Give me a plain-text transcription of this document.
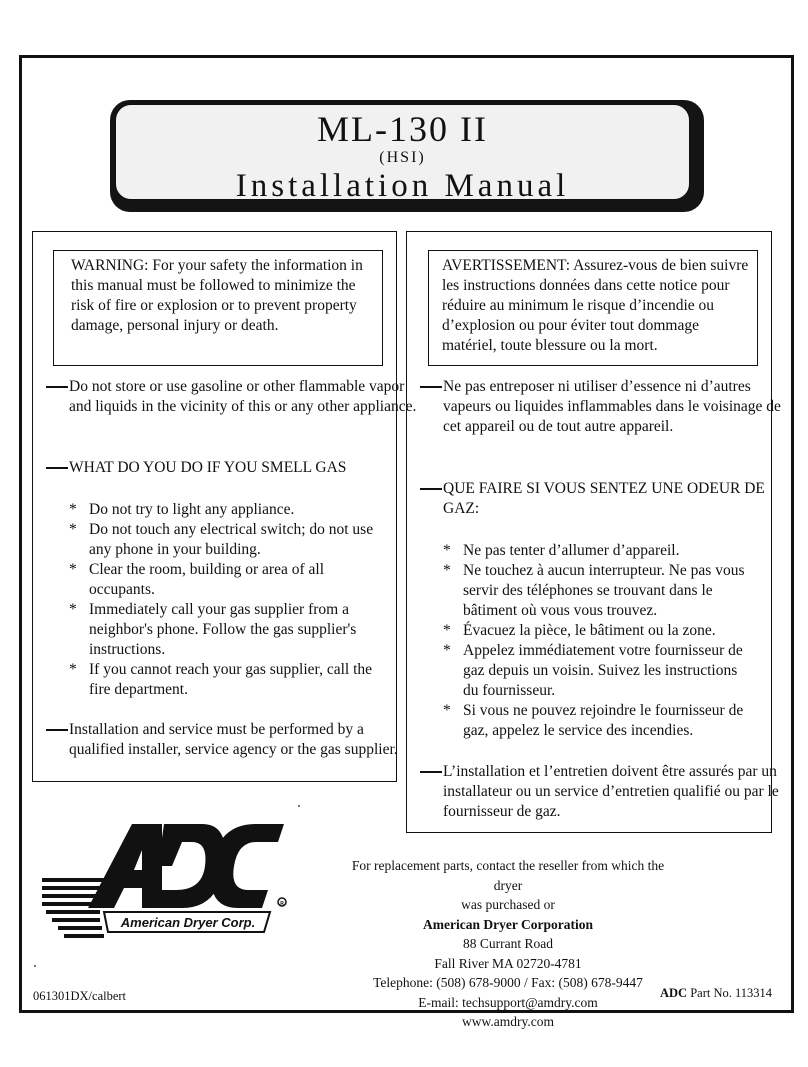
ML-130 II
(HSI)
Installation Manual
WARNING: For your safety the information in this manual must be followed to minimize the risk of fire or explosion or to prevent property damage, personal injury or death.
Do not store or use gasoline or other flammable vapor and liquids in the vicinity of this or any other appliance.
WHAT DO YOU DO IF YOU SMELL GAS
* Do not try to light any appliance.
* Do not touch any electrical switch; do not use any phone in your building.
* Clear the room, building or area of all occupants.
* Immediately call your gas supplier from a neighbor's phone. Follow the gas supplier's instructions.
* If you cannot reach your gas supplier, call the fire department.
Installation and service must be performed by a qualified installer, service agency or the gas supplier.
AVERTISSEMENT: Assurez-vous de bien suivre les instructions données dans cette notice pour réduire au minimum le risque d’incendie ou d’explosion ou pour éviter tout dommage matériel, toute blessure ou la mort.
Ne pas entreposer ni utiliser d’essence ni d’autres vapeurs ou liquides inflammables dans le voisinage de cet appareil ou de tout autre appareil.
QUE FAIRE SI VOUS SENTEZ UNE ODEUR DE GAZ:
* Ne pas tenter d’allumer d’appareil.
* Ne touchez à aucun interrupteur. Ne pas vous servir des téléphones se trouvant dans le bâtiment où vous vous trouvez.
* Évacuez la pièce, le bâtiment ou la zone.
* Appelez immédiatement votre fournisseur de gaz depuis un voisin. Suivez les instructions du fournisseur.
* Si vous ne pouvez rejoindre le fournisseur de gaz, appelez le service des incendies.
L’installation et l’entretien doivent être assurés par un installateur ou un service d’entretien qualifié ou par le fournisseur de gaz.
American Dryer Corp.
R
For replacement parts, contact the reseller from which the dryer
was purchased or
American Dryer Corporation
88 Currant Road
Fall River MA 02720-4781
Telephone: (508) 678-9000 / Fax: (508) 678-9447
E-mail: techsupport@amdry.com
www.amdry.com
061301DX/calbert	ADC Part No. 113314
